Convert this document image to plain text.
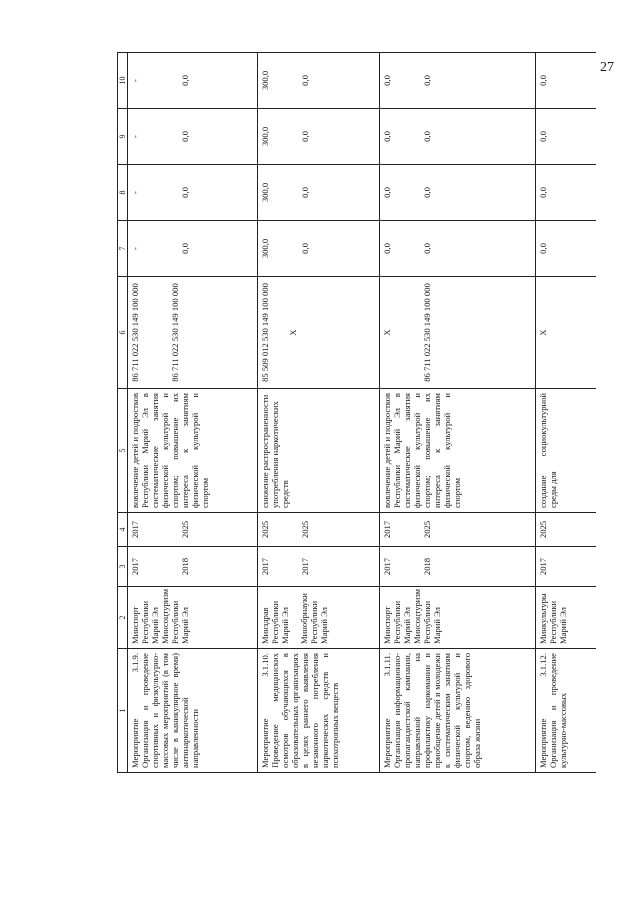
27
1	2	3	4	5	6	7	8	9	10
Мероприятие 3.1.9. Организация и проведение спортивных и физкультурно-массовых мероприятий (в том числе в каникулярное время) антинаркотической направленности	Минспорт Республики Марий Эл Минсоцтуризм Республики Марий Эл	2017 2018	2017 2025	вовлечение детей и подростков Республики Марий Эл в систематические занятия физической культурой и спортом; повышение их интереса к занятиям физической культурой и спортом	86 711 022 530 149 100 000 86 711 022 530 149 100 000	- 0,0	- 0,0	- 0,0	- 0,0

Мероприятие 3.1.10. Проведение медицинских осмотров обучающихся в образовательных организациях в целях раннего выявления незаконного потребления наркотических средств и психотропных веществ	Минздрав Республики Марий Эл Минобрнауки Республики Марий Эл	2017 2017	2025 2025	снижение распространенности употребления наркотических средств	85 509 012 530 149 100 000 X	300,0 0,0	300,0 0,0	300,0 0,0	300,0 0,0

Мероприятие 3.1.11. Организация информационно-пропагандистской кампании, направленной на профилактику наркомании и приобщение детей и молодежи к систематическим занятиям физической культурой и спортом, ведению здорового образа жизни	Минспорт Республики Марий Эл Минсоцтуризм Республики Марий Эл	2017 2018	2017 2025	вовлечение детей и подростков Республики Марий Эл в систематические занятия физической культурой и спортом; повышение их интереса к занятиям физической культурой и спортом	X 86 711 022 530 149 100 000	0,0 0,0	0,0 0,0	0,0 0,0	0,0 0,0

Мероприятие 3.1.12. Организация и проведение культурно-массовых	Минкультуры Республики Марий Эл	2017	2025	создание социокультурной среды для	X	0,0	0,0	0,0	0,0
